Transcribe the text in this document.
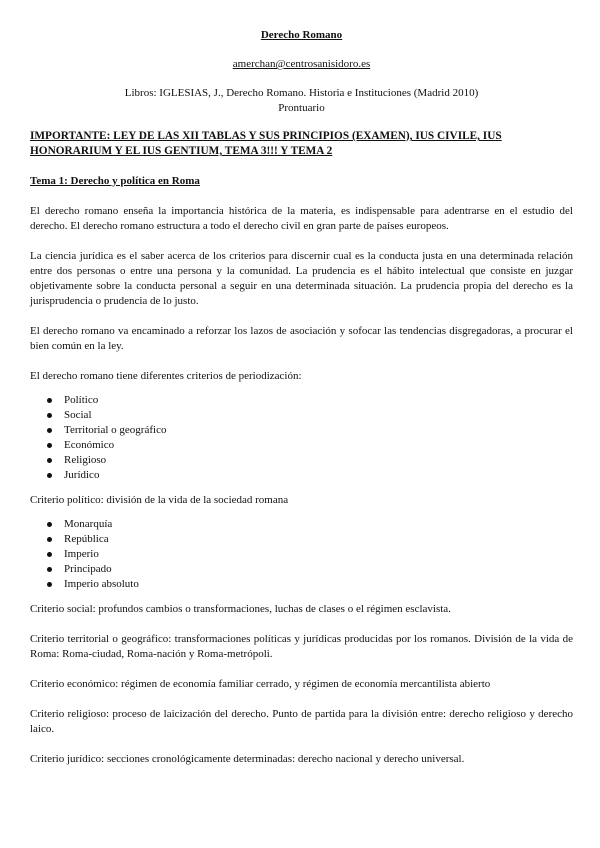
Derecho Romano
amerchan@centrosanisidoro.es
Libros: IGLESIAS, J., Derecho Romano. Historia e Instituciones (Madrid 2010)
Prontuario
IMPORTANTE: LEY DE LAS XII TABLAS Y SUS PRINCIPIOS (EXAMEN), IUS CIVILE, IUS HONORARIUM Y EL IUS GENTIUM, TEMA 3!!! Y TEMA 2
Tema 1: Derecho y política en Roma

El derecho romano enseña la importancia histórica de la materia, es indispensable para adentrarse en el estudio del derecho. El derecho romano estructura a todo el derecho civil en gran parte de países europeos.

La ciencia jurídica es el saber acerca de los criterios para discernir cual es la conducta justa en una determinada relación entre dos personas o entre una persona y la comunidad. La prudencia es el hábito intelectual que consiste en juzgar objetivamente sobre la conducta personal a seguir en una determinada situación. La prudencia propia del derecho es la jurisprudencia o prudencia de lo justo.

El derecho romano va encaminado a reforzar los lazos de asociación y sofocar las tendencias disgregadoras, a procurar el bien común en la ley.

El derecho romano tiene diferentes criterios de periodización:

Político
Social
Territorial o geográfico
Económico
Religioso
Jurídico

Criterio político: división de la vida de la sociedad romana

Monarquía
República
Imperio
Principado
Imperio absoluto

Criterio social: profundos cambios o transformaciones, luchas de clases o el régimen esclavista.

Criterio territorial o geográfico: transformaciones políticas y jurídicas producidas por los romanos. División de la vida de Roma: Roma-ciudad, Roma-nación y Roma-metrópoli.

Criterio económico: régimen de economía familiar cerrado, y régimen de economía mercantilista abierto

Criterio religioso: proceso de laicización del derecho. Punto de partida para la división entre: derecho religioso y derecho laico.

Criterio jurídico: secciones cronológicamente determinadas: derecho nacional y derecho universal.
